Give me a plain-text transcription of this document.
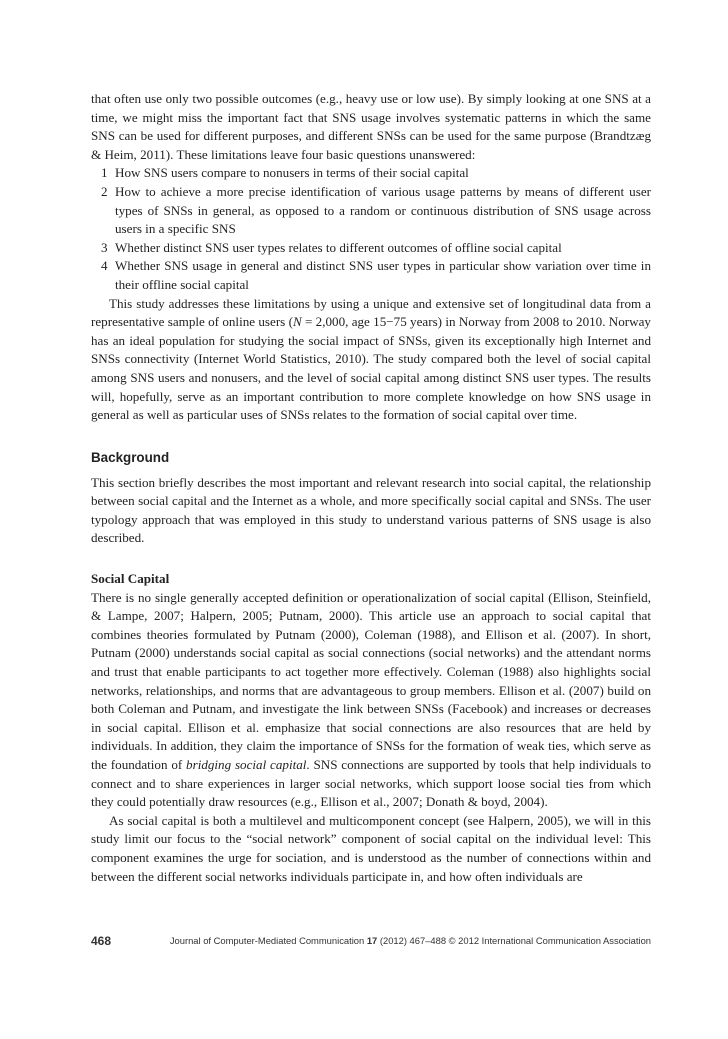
that often use only two possible outcomes (e.g., heavy use or low use). By simply looking at one SNS at a time, we might miss the important fact that SNS usage involves systematic patterns in which the same SNS can be used for different purposes, and different SNSs can be used for the same purpose (Brandtzæg & Heim, 2011). These limitations leave four basic questions unanswered:

1 How SNS users compare to nonusers in terms of their social capital
2 How to achieve a more precise identification of various usage patterns by means of different user types of SNSs in general, as opposed to a random or continuous distribution of SNS usage across users in a specific SNS
3 Whether distinct SNS user types relates to different outcomes of offline social capital
4 Whether SNS usage in general and distinct SNS user types in particular show variation over time in their offline social capital

This study addresses these limitations by using a unique and extensive set of longitudinal data from a representative sample of online users (N = 2,000, age 15−75 years) in Norway from 2008 to 2010. Norway has an ideal population for studying the social impact of SNSs, given its exceptionally high Internet and SNSs connectivity (Internet World Statistics, 2010). The study compared both the level of social capital among SNS users and nonusers, and the level of social capital among distinct SNS user types. The results will, hopefully, serve as an important contribution to more complete knowledge on how SNS usage in general as well as particular uses of SNSs relates to the formation of social capital over time.

Background

This section briefly describes the most important and relevant research into social capital, the relationship between social capital and the Internet as a whole, and more specifically social capital and SNSs. The user typology approach that was employed in this study to understand various patterns of SNS usage is also described.

Social Capital

There is no single generally accepted definition or operationalization of social capital (Ellison, Steinfield, & Lampe, 2007; Halpern, 2005; Putnam, 2000). This article use an approach to social capital that combines theories formulated by Putnam (2000), Coleman (1988), and Ellison et al. (2007). In short, Putnam (2000) understands social capital as social connections (social networks) and the attendant norms and trust that enable participants to act together more effectively. Coleman (1988) also highlights social networks, relationships, and norms that are advantageous to group members. Ellison et al. (2007) build on both Coleman and Putnam, and investigate the link between SNSs (Facebook) and increases or decreases in social capital. Ellison et al. emphasize that social connections are also resources that are held by individuals. In addition, they claim the importance of SNSs for the formation of weak ties, which serve as the foundation of bridging social capital. SNS connections are supported by tools that help individuals to connect and to share experiences in larger social networks, which support loose social ties from which they could potentially draw resources (e.g., Ellison et al., 2007; Donath & boyd, 2004).

As social capital is both a multilevel and multicomponent concept (see Halpern, 2005), we will in this study limit our focus to the “social network” component of social capital on the individual level: This component examines the urge for sociation, and is understood as the number of connections within and between the different social networks individuals participate in, and how often individuals are

468	Journal of Computer-Mediated Communication 17 (2012) 467–488 © 2012 International Communication Association
